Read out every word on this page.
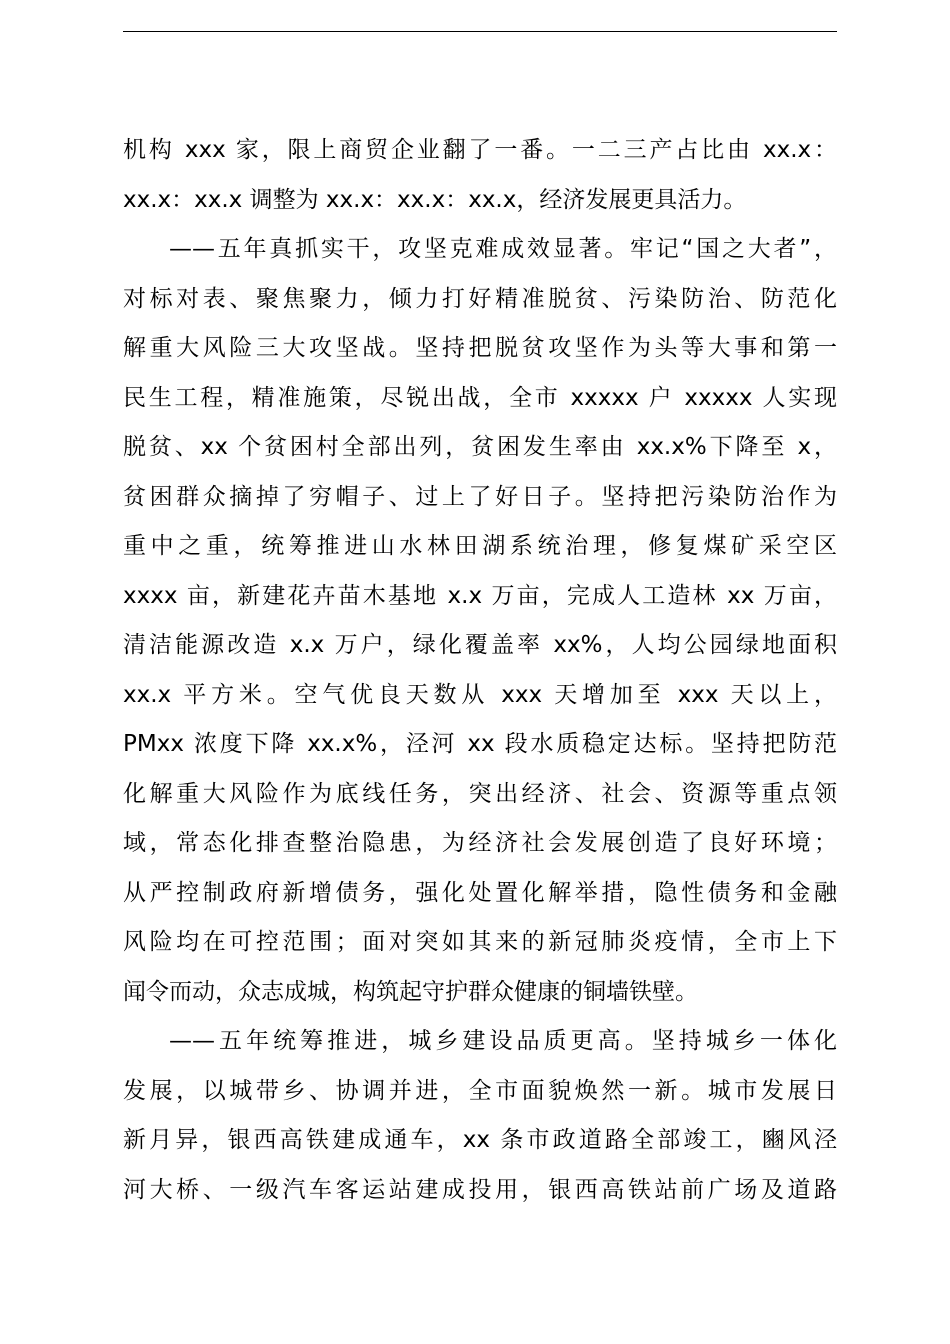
机构 xxx 家，限上商贸企业翻了一番。一二三产占比由 xx.x：
xx.x：xx.x 调整为 xx.x：xx.x：xx.x，经济发展更具活力。
——五年真抓实干，攻坚克难成效显著。牢记“国之大者”，
对标对表、聚焦聚力，倾力打好精准脱贫、污染防治、防范化
解重大风险三大攻坚战。坚持把脱贫攻坚作为头等大事和第一
民生工程，精准施策，尽锐出战，全市 xxxxx 户 xxxxx 人实现
脱贫、xx 个贫困村全部出列，贫困发生率由 xx.x%下降至 x，
贫困群众摘掉了穷帽子、过上了好日子。坚持把污染防治作为
重中之重，统筹推进山水林田湖系统治理，修复煤矿采空区
xxxx 亩，新建花卉苗木基地 x.x 万亩，完成人工造林 xx 万亩，
清洁能源改造 x.x 万户，绿化覆盖率 xx%，人均公园绿地面积
xx.x 平方米。空气优良天数从 xxx 天增加至 xxx 天以上，
PMxx 浓度下降 xx.x%，泾河 xx 段水质稳定达标。坚持把防范
化解重大风险作为底线任务，突出经济、社会、资源等重点领
域，常态化排查整治隐患，为经济社会发展创造了良好环境；
从严控制政府新增债务，强化处置化解举措，隐性债务和金融
风险均在可控范围；面对突如其来的新冠肺炎疫情，全市上下
闻令而动，众志成城，构筑起守护群众健康的铜墙铁壁。
——五年统筹推进，城乡建设品质更高。坚持城乡一体化
发展，以城带乡、协调并进，全市面貌焕然一新。城市发展日
新月异，银西高铁建成通车，xx 条市政道路全部竣工，豳风泾
河大桥、一级汽车客运站建成投用，银西高铁站前广场及道路
